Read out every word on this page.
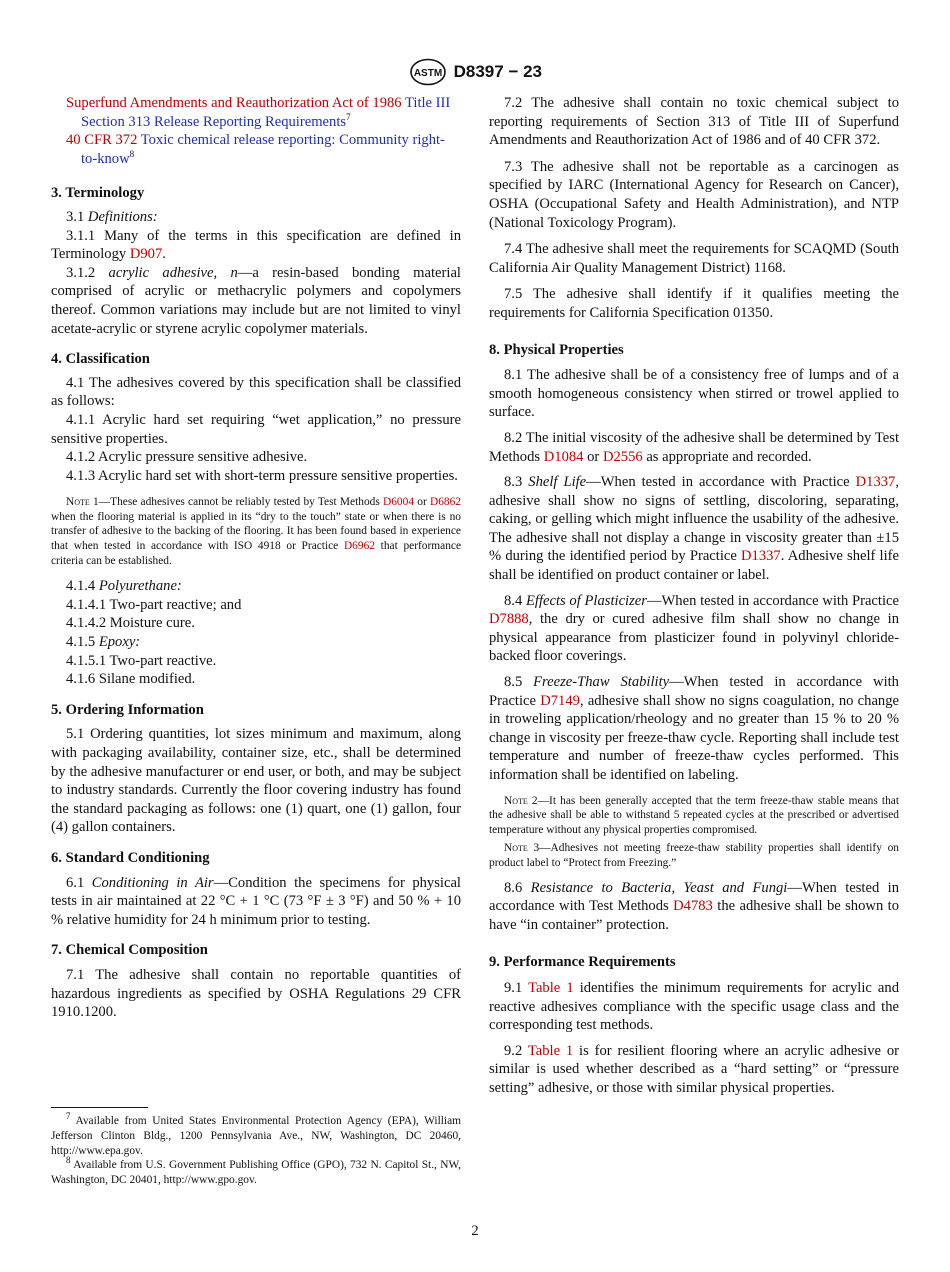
ASTM D8397 − 23

Superfund Amendments and Reauthorization Act of 1986 Title III Section 313 Release Reporting Requirements$^7$

40 CFR 372 Toxic chemical release reporting: Community right-to-know$^8$

3. Terminology

3.1 Definitions:

3.1.1 Many of the terms in this specification are defined in Terminology D907.

3.1.2 acrylic adhesive, n—a resin-based bonding material comprised of acrylic or methacrylic polymers and copolymers thereof. Common variations may include but are not limited to vinyl acetate-acrylic or styrene acrylic copolymer materials.

4. Classification

4.1 The adhesives covered by this specification shall be classified as follows:

4.1.1 Acrylic hard set requiring “wet application,” no pressure sensitive properties.

4.1.2 Acrylic pressure sensitive adhesive.

4.1.3 Acrylic hard set with short-term pressure sensitive properties.

Note 1—These adhesives cannot be reliably tested by Test Methods D6004 or D6862 when the flooring material is applied in its “dry to the touch” state or when there is no transfer of adhesive to the backing of the flooring. It has been found based in experience that when tested in accordance with ISO 4918 or Practice D6962 that performance criteria can be established.

4.1.4 Polyurethane:

4.1.4.1 Two-part reactive; and

4.1.4.2 Moisture cure.

4.1.5 Epoxy:

4.1.5.1 Two-part reactive.

4.1.6 Silane modified.

5. Ordering Information

5.1 Ordering quantities, lot sizes minimum and maximum, along with packaging availability, container size, etc., shall be determined by the adhesive manufacturer or end user, or both, and may be subject to industry standards. Currently the floor covering industry has found the standard packaging as follows: one (1) quart, one (1) gallon, four (4) gallon containers.

6. Standard Conditioning

6.1 Conditioning in Air—Condition the specimens for physical tests in air maintained at 22 °C + 1 °C (73 °F ± 3 °F) and 50 % + 10 % relative humidity for 24 h minimum prior to testing.

7. Chemical Composition

7.1 The adhesive shall contain no reportable quantities of hazardous ingredients as specified by OSHA Regulations 29 CFR 1910.1200.

$^7$ Available from United States Environmental Protection Agency (EPA), William Jefferson Clinton Bldg., 1200 Pennsylvania Ave., NW, Washington, DC 20460, http://www.epa.gov.

$^8$ Available from U.S. Government Publishing Office (GPO), 732 N. Capitol St., NW, Washington, DC 20401, http://www.gpo.gov.

7.2 The adhesive shall contain no toxic chemical subject to reporting requirements of Section 313 of Title III of Superfund Amendments and Reauthorization Act of 1986 and of 40 CFR 372.

7.3 The adhesive shall not be reportable as a carcinogen as specified by IARC (International Agency for Research on Cancer), OSHA (Occupational Safety and Health Administration), and NTP (National Toxicology Program).

7.4 The adhesive shall meet the requirements for SCAQMD (South California Air Quality Management District) 1168.

7.5 The adhesive shall identify if it qualifies meeting the requirements for California Specification 01350.

8. Physical Properties

8.1 The adhesive shall be of a consistency free of lumps and of a smooth homogeneous consistency when stirred or trowel applied to surface.

8.2 The initial viscosity of the adhesive shall be determined by Test Methods D1084 or D2556 as appropriate and recorded.

8.3 Shelf Life—When tested in accordance with Practice D1337, adhesive shall show no signs of settling, discoloring, separating, caking, or gelling which might influence the usability of the adhesive. The adhesive shall not display a change in viscosity greater than ±15 % during the identified period by Practice D1337. Adhesive shelf life shall be identified on product container or label.

8.4 Effects of Plasticizer—When tested in accordance with Practice D7888, the dry or cured adhesive film shall show no change in physical appearance from plasticizer found in polyvinyl chloride-backed floor coverings.

8.5 Freeze-Thaw Stability—When tested in accordance with Practice D7149, adhesive shall show no signs coagulation, no change in troweling application/rheology and no greater than 15 % to 20 % change in viscosity per freeze-thaw cycle. Reporting shall include test temperature and number of freeze-thaw cycles performed. This information shall be identified on labeling.

Note 2—It has been generally accepted that the term freeze-thaw stable means that the adhesive shall be able to withstand 5 repeated cycles at the prescribed or advertised temperature without any physical properties compromised.

Note 3—Adhesives not meeting freeze-thaw stability properties shall identify on product label to “Protect from Freezing.”

8.6 Resistance to Bacteria, Yeast and Fungi—When tested in accordance with Test Methods D4783 the adhesive shall be shown to have “in container” protection.

9. Performance Requirements

9.1 Table 1 identifies the minimum requirements for acrylic and reactive adhesives compliance with the specific usage class and the corresponding test methods.

9.2 Table 1 is for resilient flooring where an acrylic adhesive or similar is used whether described as a “hard setting” or “pressure setting” adhesive, or those with similar physical properties.

2
